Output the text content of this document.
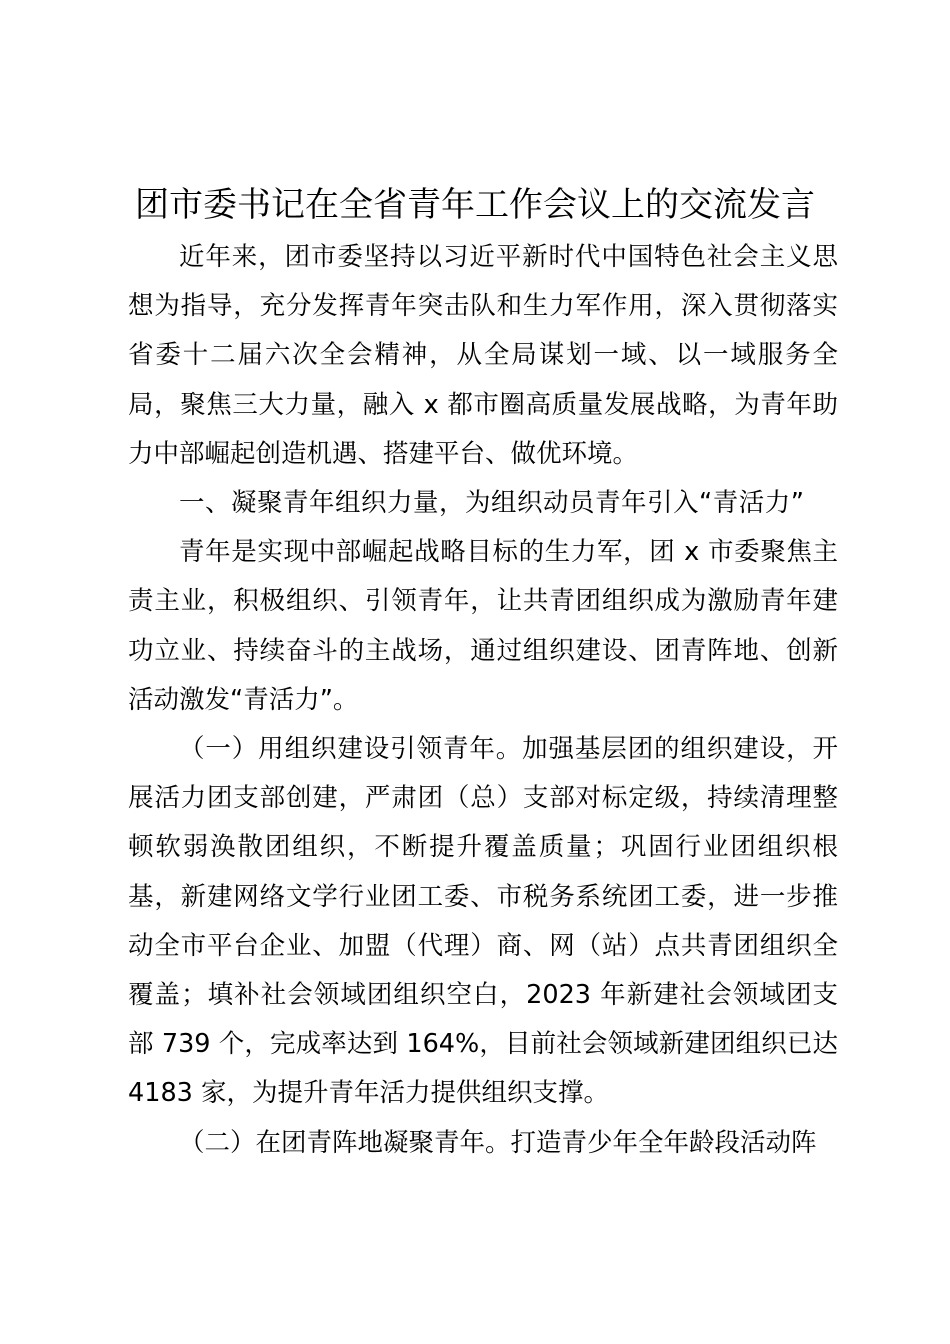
团市委书记在全省青年工作会议上的交流发言

近年来，团市委坚持以习近平新时代中国特色社会主义思想为指导，充分发挥青年突击队和生力军作用，深入贯彻落实省委十二届六次全会精神，从全局谋划一域、以一域服务全局，聚焦三大力量，融入 x 都市圈高质量发展战略，为青年助力中部崛起创造机遇、搭建平台、做优环境。

一、凝聚青年组织力量，为组织动员青年引入“青活力”

青年是实现中部崛起战略目标的生力军，团 x 市委聚焦主责主业，积极组织、引领青年，让共青团组织成为激励青年建功立业、持续奋斗的主战场，通过组织建设、团青阵地、创新活动激发“青活力”。

（一）用组织建设引领青年。加强基层团的组织建设，开展活力团支部创建，严肃团（总）支部对标定级，持续清理整顿软弱涣散团组织，不断提升覆盖质量；巩固行业团组织根基，新建网络文学行业团工委、市税务系统团工委，进一步推动全市平台企业、加盟（代理）商、网（站）点共青团组织全覆盖；填补社会领域团组织空白，2023 年新建社会领域团支部 739 个，完成率达到 164%，目前社会领域新建团组织已达 4183 家，为提升青年活力提供组织支撑。

（二）在团青阵地凝聚青年。打造青少年全年龄段活动阵
